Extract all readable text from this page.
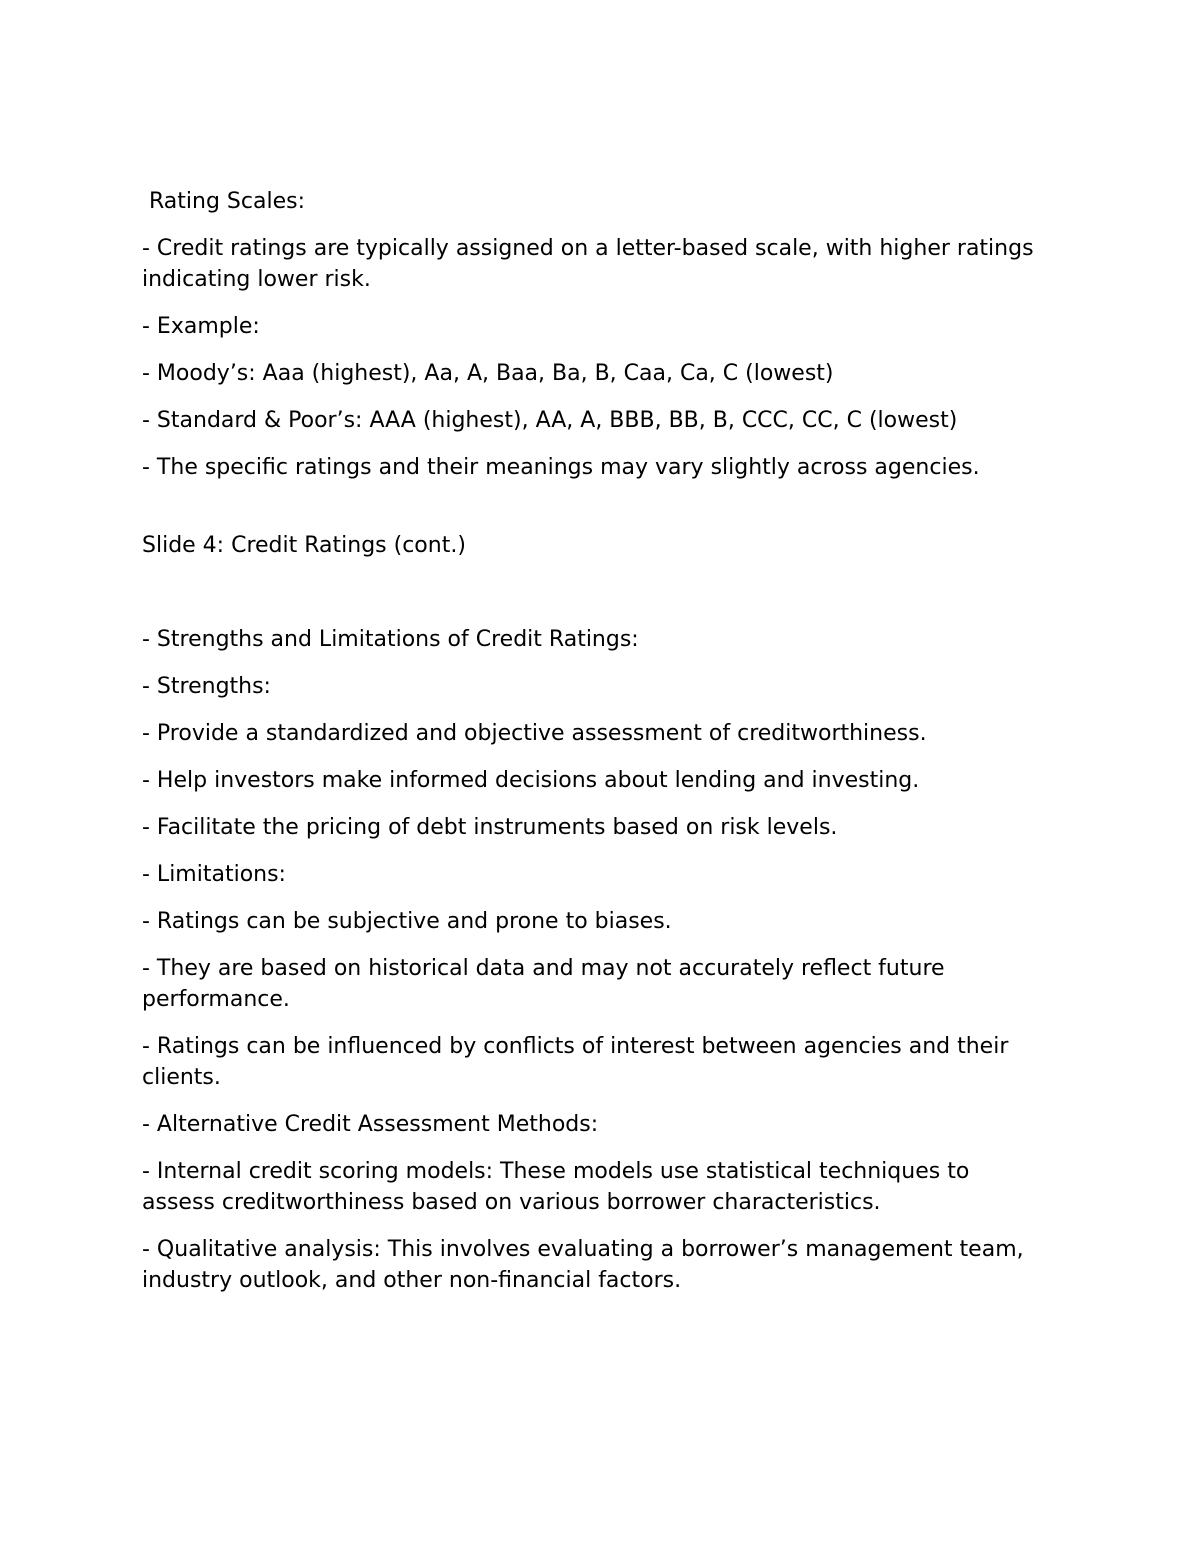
Rating Scales:

- Credit ratings are typically assigned on a letter-based scale, with higher ratings indicating lower risk.

- Example:

- Moody’s: Aaa (highest), Aa, A, Baa, Ba, B, Caa, Ca, C (lowest)

- Standard & Poor’s: AAA (highest), AA, A, BBB, BB, B, CCC, CC, C (lowest)

- The specific ratings and their meanings may vary slightly across agencies.

Slide 4: Credit Ratings (cont.)

- Strengths and Limitations of Credit Ratings:

- Strengths:

- Provide a standardized and objective assessment of creditworthiness.

- Help investors make informed decisions about lending and investing.

- Facilitate the pricing of debt instruments based on risk levels.

- Limitations:

- Ratings can be subjective and prone to biases.

- They are based on historical data and may not accurately reflect future performance.

- Ratings can be influenced by conflicts of interest between agencies and their clients.

- Alternative Credit Assessment Methods:

- Internal credit scoring models: These models use statistical techniques to assess creditworthiness based on various borrower characteristics.

- Qualitative analysis: This involves evaluating a borrower’s management team, industry outlook, and other non-financial factors.
